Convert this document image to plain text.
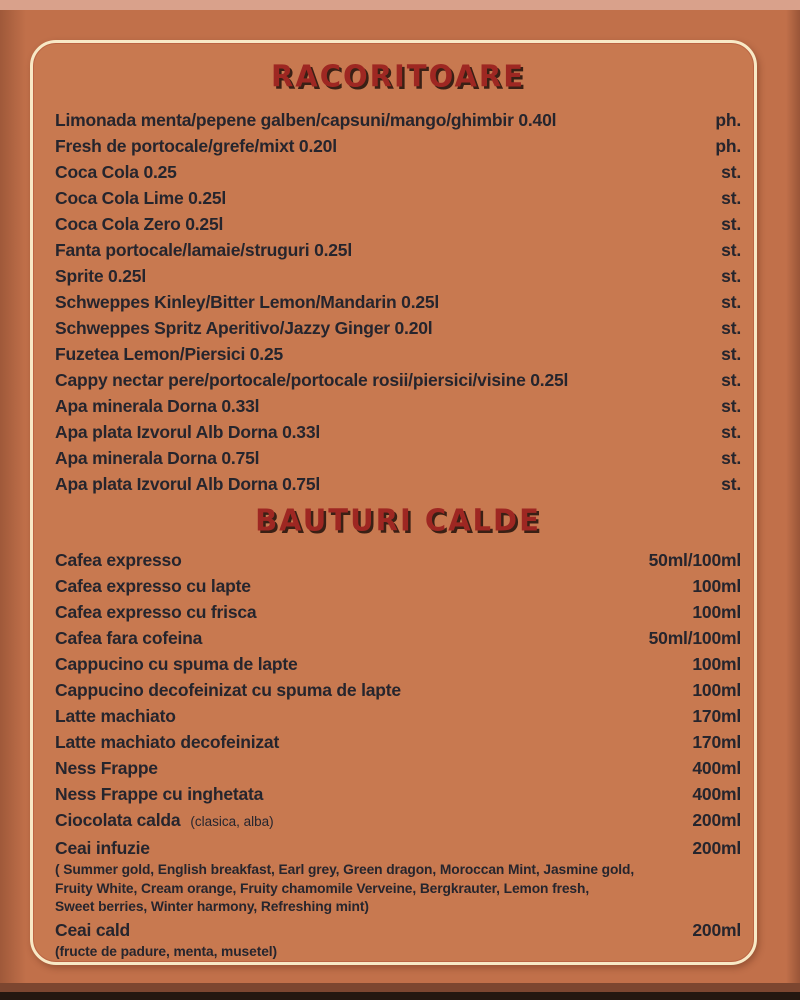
RACORITOARE
Limonada menta/pepene galben/capsuni/mango/ghimbir 0.40l	ph.
Fresh de portocale/grefe/mixt 0.20l	ph.
Coca Cola 0.25	st.
Coca Cola Lime 0.25l	st.
Coca Cola Zero 0.25l	st.
Fanta portocale/lamaie/struguri 0.25l	st.
Sprite 0.25l	st.
Schweppes Kinley/Bitter Lemon/Mandarin 0.25l	st.
Schweppes Spritz Aperitivo/Jazzy Ginger 0.20l	st.
Fuzetea Lemon/Piersici 0.25	st.
Cappy nectar pere/portocale/portocale rosii/piersici/visine 0.25l	st.
Apa minerala Dorna 0.33l	st.
Apa plata Izvorul Alb Dorna 0.33l	st.
Apa minerala Dorna 0.75l	st.
Apa plata Izvorul Alb Dorna 0.75l	st.
BAUTURI CALDE
Cafea expresso	50ml/100ml
Cafea expresso cu lapte	100ml
Cafea expresso cu frisca	100ml
Cafea fara cofeina	50ml/100ml
Cappucino cu spuma de lapte	100ml
Cappucino decofeinizat cu spuma de lapte	100ml
Latte machiato	170ml
Latte machiato decofeinizat	170ml
Ness Frappe	400ml
Ness Frappe cu inghetata	400ml
Ciocolata calda (clasica, alba)	200ml
Ceai infuzie	200ml
( Summer gold, English breakfast, Earl grey, Green dragon, Moroccan Mint, Jasmine gold,
Fruity White, Cream orange, Fruity chamomile Verveine, Bergkrauter, Lemon fresh,
Sweet berries, Winter harmony, Refreshing mint)
Ceai cald	200ml
(fructe de padure, menta, musetel)
